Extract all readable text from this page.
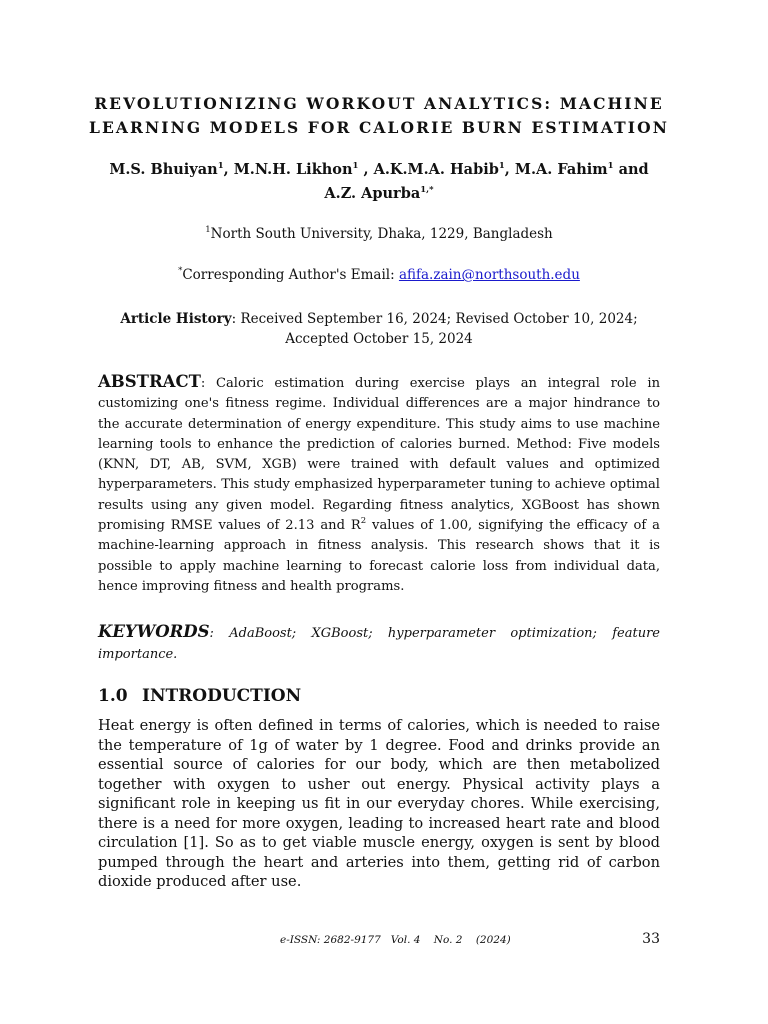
REVOLUTIONIZING WORKOUT ANALYTICS: MACHINE
LEARNING MODELS FOR CALORIE BURN ESTIMATION

M.S. Bhuiyan$^1$, M.N.H. Likhon$^1$ , A.K.M.A. Habib$^1$, M.A. Fahim$^1$ and
A.Z. Apurba$^{1,*}$

$^1$North South University, Dhaka, 1229, Bangladesh

*Corresponding Author's Email: afifa.zain@northsouth.edu

Article History: Received September 16, 2024; Revised October 10, 2024;
Accepted October 15, 2024

ABSTRACT: Caloric estimation during exercise plays an integral role in customizing one's fitness regime. Individual differences are a major hindrance to the accurate determination of energy expenditure. This study aims to use machine learning tools to enhance the prediction of calories burned. Method: Five models (KNN, DT, AB, SVM, XGB) were trained with default values and optimized hyperparameters. This study emphasized hyperparameter tuning to achieve optimal results using any given model. Regarding fitness analytics, XGBoost has shown promising RMSE values of 2.13 and $R^2$ values of 1.00, signifying the efficacy of a machine-learning approach in fitness analysis. This research shows that it is possible to apply machine learning to forecast calorie loss from individual data, hence improving fitness and health programs.

KEYWORDS: AdaBoost; XGBoost; hyperparameter optimization; feature importance.

1.0 INTRODUCTION

Heat energy is often defined in terms of calories, which is needed to raise the temperature of 1g of water by 1 degree. Food and drinks provide an essential source of calories for our body, which are then metabolized together with oxygen to usher out energy. Physical activity plays a significant role in keeping us fit in our everyday chores. While exercising, there is a need for more oxygen, leading to increased heart rate and blood circulation [1]. So as to get viable muscle energy, oxygen is sent by blood pumped through the heart and arteries into them, getting rid of carbon dioxide produced after use.

e-ISSN: 2682-9177   Vol. 4    No. 2    (2024)	33
